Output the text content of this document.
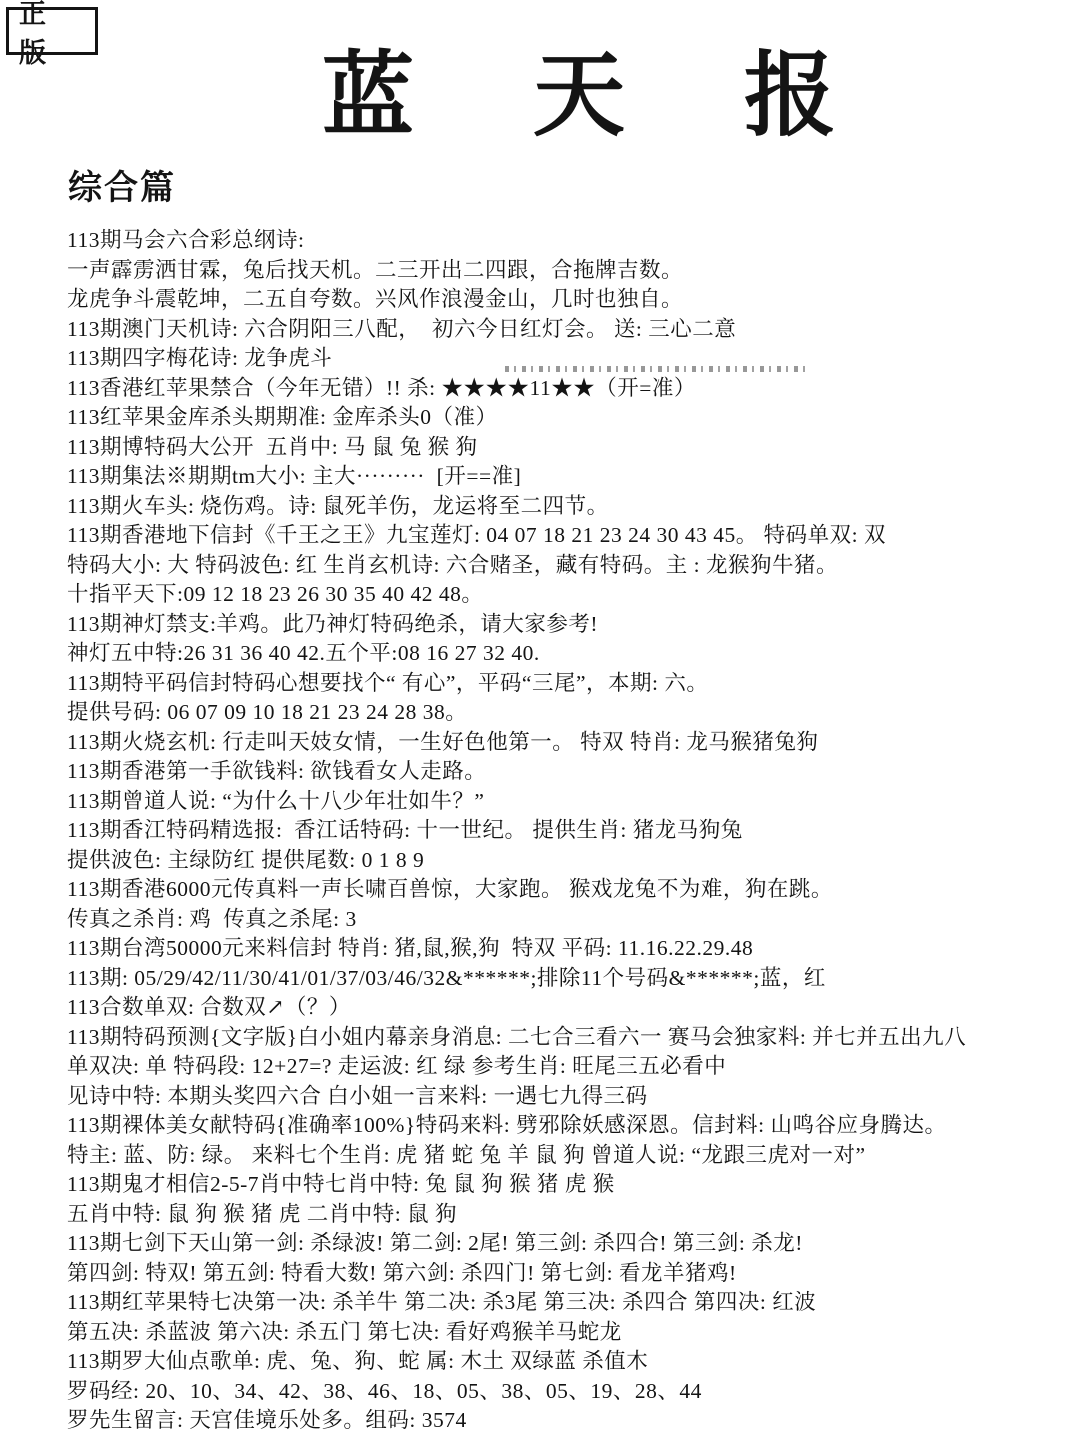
正 版	蓝 天 报
综合篇
113期马会六合彩总纲诗:
一声霹雳洒甘霖，兔后找天机。二三开出二四跟，合拖牌吉数。
龙虎争斗震乾坤，二五自夸数。兴风作浪漫金山，几时也独自。
113期澳门天机诗: 六合阴阳三八配，  初六今日红灯会。 送: 三心二意
113期四字梅花诗: 龙争虎斗
113香港红苹果禁合（今年无错）!! 杀: ★★★★11★★（开=准）
113红苹果金库杀头期期准: 金库杀头0（准）
113期博特码大公开  五肖中: 马 鼠 兔 猴 狗
113期集法※期期tm大小: 主大·········  [开==准]
113期火车头: 烧伤鸡。诗: 鼠死羊伤，龙运将至二四节。
113期香港地下信封《千王之王》九宝莲灯: 04 07 18 21 23 24 30 43 45。 特码单双: 双
特码大小: 大 特码波色: 红 生肖玄机诗: 六合赌圣，藏有特码。主 : 龙猴狗牛猪。
十指平天下:09 12 18 23 26 30 35 40 42 48。
113期神灯禁支:羊鸡。此乃神灯特码绝杀，请大家参考!
神灯五中特:26 31 36 40 42.五个平:08 16 27 32 40.
113期特平码信封特码心想要找个“ 有心”，平码“三尾”，本期: 六。
提供号码: 06 07 09 10 18 21 23 24 28 38。
113期火烧玄机: 行走叫天妓女情，一生好色他第一。 特双 特肖: 龙马猴猪兔狗
113期香港第一手欲钱料: 欲钱看女人走路。
113期曾道人说: “为什么十八少年壮如牛？”
113期香江特码精选报:  香江话特码: 十一世纪。 提供生肖: 猪龙马狗兔
提供波色: 主绿防红 提供尾数: 0 1 8 9
113期香港6000元传真料一声长啸百兽惊，大家跑。 猴戏龙兔不为难，狗在跳。
传真之杀肖: 鸡  传真之杀尾: 3
113期台湾50000元来料信封 特肖: 猪,鼠,猴,狗  特双 平码: 11.16.22.29.48
113期: 05/29/42/11/30/41/01/37/03/46/32&******;排除11个号码&******;蓝，红
113合数单双: 合数双↗（？）
113期特码预测{文字版}白小姐内幕亲身消息: 二七合三看六一 赛马会独家料: 并七并五出九八
单双决: 单 特码段: 12+27=? 走运波: 红 绿 参考生肖: 旺尾三五必看中
见诗中特: 本期头奖四六合 白小姐一言来料: 一遇七九得三码
113期裸体美女献特码{准确率100%}特码来料: 劈邪除妖感深恩。信封料: 山鸣谷应身腾达。
特主: 蓝、防: 绿。 来料七个生肖: 虎 猪 蛇 兔 羊 鼠 狗 曾道人说: “龙跟三虎对一对”
113期鬼才相信2-5-7肖中特七肖中特: 兔 鼠 狗 猴 猪 虎 猴
五肖中特: 鼠 狗 猴 猪 虎 二肖中特: 鼠 狗
113期七剑下天山第一剑: 杀绿波! 第二剑: 2尾! 第三剑: 杀四合! 第三剑: 杀龙!
第四剑: 特双! 第五剑: 特看大数! 第六剑: 杀四门! 第七剑: 看龙羊猪鸡!
113期红苹果特七决第一决: 杀羊牛 第二决: 杀3尾 第三决: 杀四合 第四决: 红波
第五决: 杀蓝波 第六决: 杀五门 第七决: 看好鸡猴羊马蛇龙
113期罗大仙点歌单: 虎、兔、狗、蛇 属: 木土 双绿蓝 杀值木
罗码经: 20、10、34、42、38、46、18、05、38、05、19、28、44
罗先生留言: 天宫佳境乐处多。组码: 3574
